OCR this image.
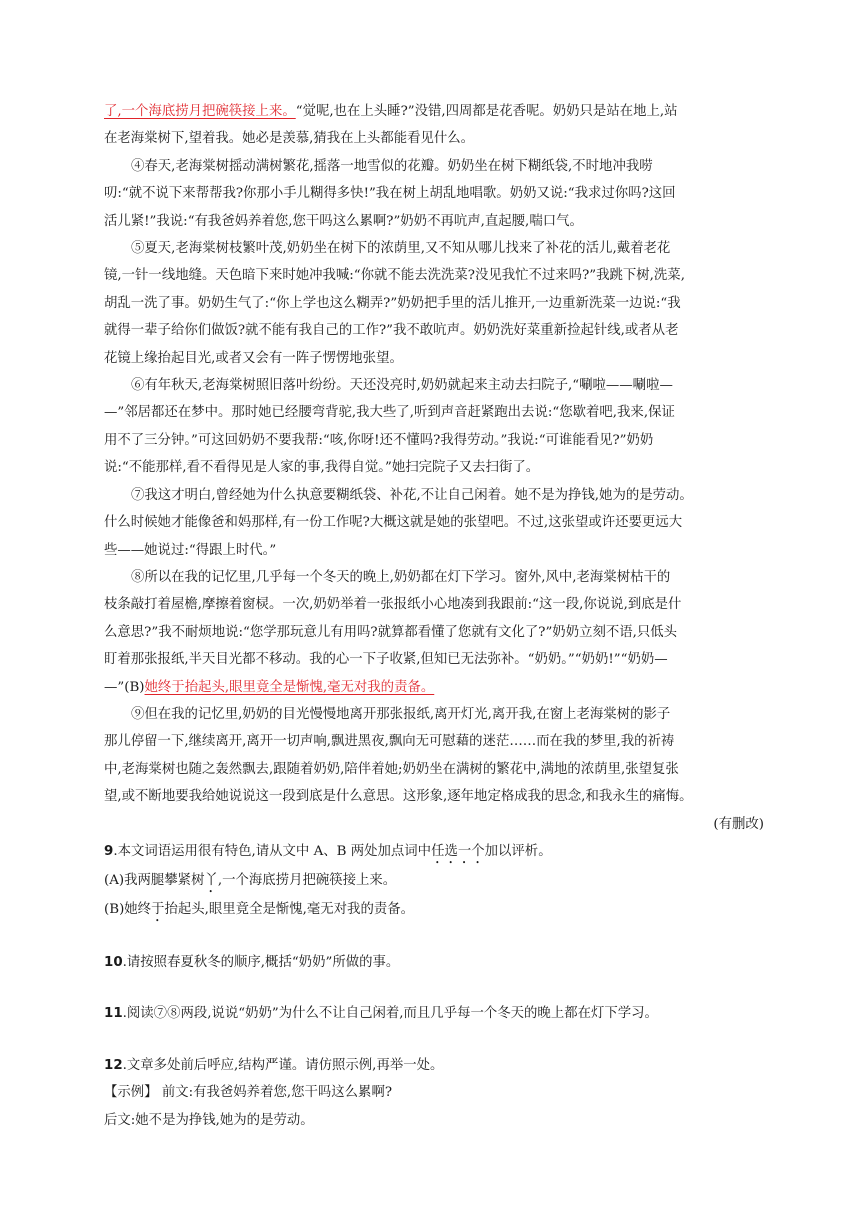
了,一个海底捞月把碗筷接上来。“觉呢,也在上头睡?”没错,四周都是花香呢。奶奶只是站在地上,站
在老海棠树下,望着我。她必是羡慕,猜我在上头都能看见什么。
④春天,老海棠树摇动满树繁花,摇落一地雪似的花瓣。奶奶坐在树下糊纸袋,不时地冲我唠
叨:“就不说下来帮帮我?你那小手儿糊得多快!”我在树上胡乱地唱歌。奶奶又说:“我求过你吗?这回
活儿紧!”我说:“有我爸妈养着您,您干吗这么累啊?”奶奶不再吭声,直起腰,喘口气。
⑤夏天,老海棠树枝繁叶茂,奶奶坐在树下的浓荫里,又不知从哪儿找来了补花的活儿,戴着老花
镜,一针一线地缝。天色暗下来时她冲我喊:“你就不能去洗洗菜?没见我忙不过来吗?”我跳下树,洗菜,
胡乱一洗了事。奶奶生气了:“你上学也这么糊弄?”奶奶把手里的活儿推开,一边重新洗菜一边说:“我
就得一辈子给你们做饭?就不能有我自己的工作?”我不敢吭声。奶奶洗好菜重新捡起针线,或者从老
花镜上缘抬起目光,或者又会有一阵子愣愣地张望。
⑥有年秋天,老海棠树照旧落叶纷纷。天还没亮时,奶奶就起来主动去扫院子,“唰啦——唰啦—
—”邻居都还在梦中。那时她已经腰弯背驼,我大些了,听到声音赶紧跑出去说:“您歇着吧,我来,保证
用不了三分钟。”可这回奶奶不要我帮:“咳,你呀!还不懂吗?我得劳动。”我说:“可谁能看见?”奶奶
说:“不能那样,看不看得见是人家的事,我得自觉。”她扫完院子又去扫街了。
⑦我这才明白,曾经她为什么执意要糊纸袋、补花,不让自己闲着。她不是为挣钱,她为的是劳动。
什么时候她才能像爸和妈那样,有一份工作呢?大概这就是她的张望吧。不过,这张望或许还要更远大
些——她说过:“得跟上时代。”
⑧所以在我的记忆里,几乎每一个冬天的晚上,奶奶都在灯下学习。窗外,风中,老海棠树枯干的
枝条敲打着屋檐,摩擦着窗棂。一次,奶奶举着一张报纸小心地凑到我跟前:“这一段,你说说,到底是什
么意思?”我不耐烦地说:“您学那玩意儿有用吗?就算都看懂了您就有文化了?”奶奶立刻不语,只低头
盯着那张报纸,半天目光都不移动。我的心一下子收紧,但知已无法弥补。“奶奶。”“奶奶!”“奶奶—
—”(B)她终于抬起头,眼里竟全是惭愧,毫无对我的责备。
⑨但在我的记忆里,奶奶的目光慢慢地离开那张报纸,离开灯光,离开我,在窗上老海棠树的影子
那儿停留一下,继续离开,离开一切声响,飘进黑夜,飘向无可慰藉的迷茫……而在我的梦里,我的祈祷
中,老海棠树也随之轰然飘去,跟随着奶奶,陪伴着她;奶奶坐在满树的繁花中,满地的浓荫里,张望复张
望,或不断地要我给她说说这一段到底是什么意思。这形象,逐年地定格成我的思念,和我永生的痛悔。
(有删改)
9.本文词语运用很有特色,请从文中 A、B 两处加点词中任选一个加以评析。
(A)我两腿攀紧树丫,一个海底捞月把碗筷接上来。
(B)她终于抬起头,眼里竟全是惭愧,毫无对我的责备。
10.请按照春夏秋冬的顺序,概括“奶奶”所做的事。
11.阅读⑦⑧两段,说说“奶奶”为什么不让自己闲着,而且几乎每一个冬天的晚上都在灯下学习。
12.文章多处前后呼应,结构严谨。请仿照示例,再举一处。
【示例】 前文:有我爸妈养着您,您干吗这么累啊?
后文:她不是为挣钱,她为的是劳动。
